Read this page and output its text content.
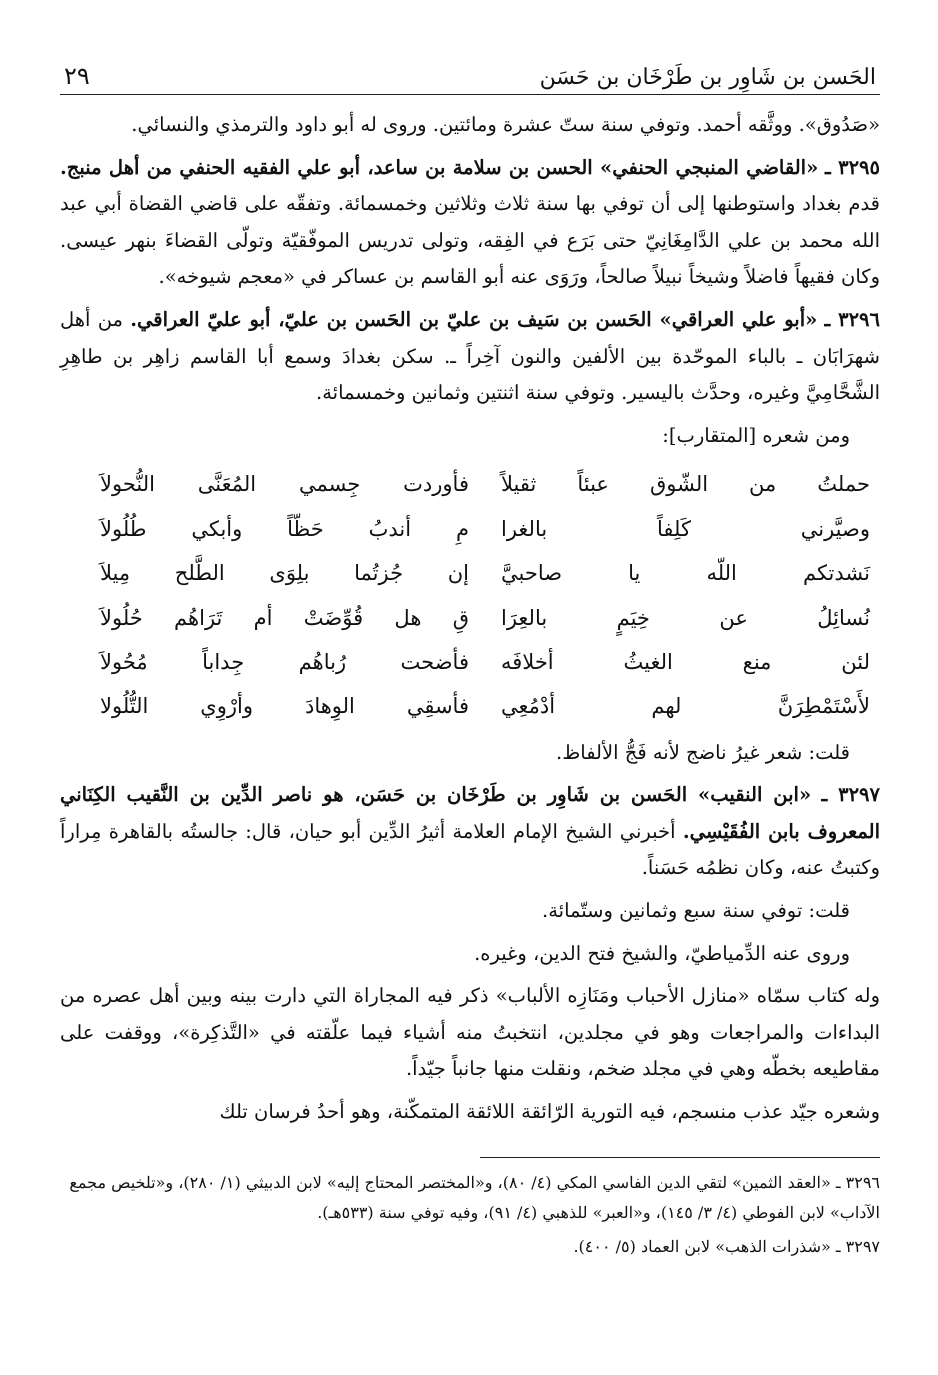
الحَسن بن شَاوِر بن طَرْخَان بن حَسَن
٢٩

«صَدُوق». ووثَّقه أحمد. وتوفي سنة ستّ عشرة ومائتين. وروى له أبو داود والترمذي والنسائي.

٣٢٩٥ ـ «القاضي المنبجي الحنفي» الحسن بن سلامة بن ساعد، أبو علي الفقيه الحنفي من أهل منبج. قدم بغداد واستوطنها إلى أن توفي بها سنة ثلاث وثلاثين وخمسمائة. وتفقّه على قاضي القضاة أبي عبد الله محمد بن علي الدَّامِغَانِيّ حتى بَرَع في الفِقه، وتولى تدريس الموفّقيّة وتولّى القضاءَ بنهر عيسى. وكان فقيهاً فاضلاً وشيخاً نبيلاً صالحاً، ورَوَى عنه أبو القاسم بن عساكر في «معجم شيوخه».

٣٢٩٦ ـ «أبو علي العراقي» الحَسن بن سَيف بن عليّ بن الحَسن بن عليّ، أبو عليّ العراقي. من أهل شهرَابَان ـ بالباء الموحّدة بين الألفين والنون آخِراً ـ. سكن بغدادَ وسمع أبا القاسم زاهِر بن طاهِرِ الشَّحَّامِيَّ وغيره، وحدَّث باليسير. وتوفي سنة اثنتين وثمانين وخمسمائة.

ومن شعره [المتقارب]:

حملتُ من الشّوق عبئاً ثقيلاً
فأوردت جِسمي المُعَنَّى النُّحولاَ
وصيَّرني كَلِفاً بالغرا
مِ أندبُ حَظّاً وأبكي طُلُولاَ
نَشدتكم اللّه يا صاحبيَّ
إن جُزتُما بلِوَى الطَّلح مِيلاَ
نُسائِلُ عن خِيَمٍ بالعِرَا
قِ هل قُوِّضَتْ أم تَرَاهُم حُلُولاَ
لئن منع الغيثُ أخلافَه
فأضحت رُباهُم جِداباً مُحُولاَ
لأَسْتَمْطِرَنَّ لهم أدْمُعِي
فأسقِي الوِهادَ وأرْوِي التُّلُولا

قلت: شعر غيرُ ناضج لأنه فَجُّ الألفاظ.

٣٢٩٧ ـ «ابن النقيب» الحَسن بن شَاوِر بن طَرْخَان بن حَسَن، هو ناصر الدِّين بن النَّقيب الكِنَاني المعروف بابن الفُقَيْسِي. أخبرني الشيخ الإمام العلامة أثيرُ الدِّين أبو حيان، قال: جالستُه بالقاهرة مِراراً وكتبتُ عنه، وكان نظمُه حَسَناً.

قلت: توفي سنة سبع وثمانين وستّمائة.

وروى عنه الدِّمياطيّ، والشيخ فتح الدين، وغيره.

وله كتاب سمّاه «منازل الأحباب ومَنَازِه الألباب» ذكر فيه المجاراة التي دارت بينه وبين أهل عصره من البداءات والمراجعات وهو في مجلدين، انتخبتُ منه أشياء فيما علّقته في «التَّذكِرة»، ووقفت على مقاطيعه بخطّه وهي في مجلد ضخم، ونقلت منها جانباً جيّداً.

وشعره جيّد عذب منسجم، فيه التورية الرّائقة اللائقة المتمكّنة، وهو أحدُ فرسان تلك

٣٢٩٦ ـ «العقد الثمين» لتقي الدين الفاسي المكي (٤/ ٨٠)، و«المختصر المحتاج إليه» لابن الدبيثي (١/ ٢٨٠)، و«تلخيص مجمع الآداب» لابن الفوطي (٤/ ٣/ ١٤٥)، و«العبر» للذهبي (٤/ ٩١)، وفيه توفي سنة (٥٣٣هـ).

٣٢٩٧ ـ «شذرات الذهب» لابن العماد (٥/ ٤٠٠).
